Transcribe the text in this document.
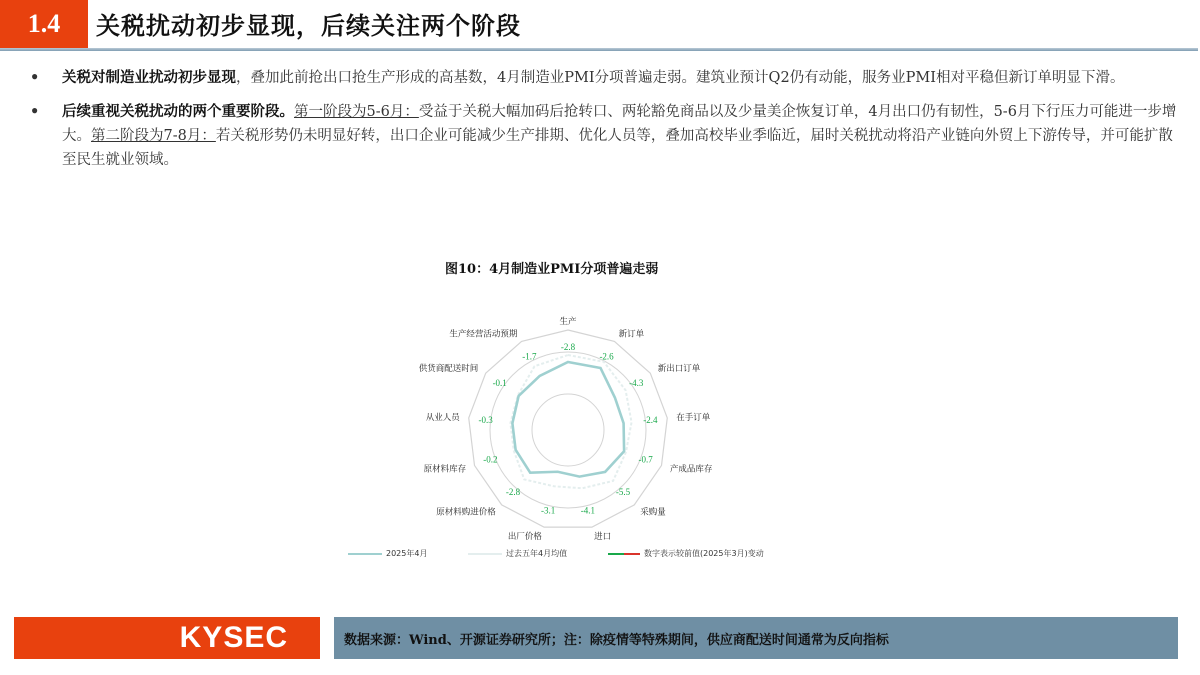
1.4	关税扰动初步显现，后续关注两个阶段
• 关税对制造业扰动初步显现，叠加此前抢出口抢生产形成的高基数，4月制造业PMI分项普遍走弱。建筑业预计Q2仍有动能，服务业PMI相对平稳但新订单明显下滑。
• 后续重视关税扰动的两个重要阶段。第一阶段为5-6月：受益于关税大幅加码后抢转口、两轮豁免商品以及少量美企恢复订单，4月出口仍有韧性，5-6月下行压力可能进一步增大。第二阶段为7-8月：若关税形势仍未明显好转，出口企业可能减少生产排期、优化人员等，叠加高校毕业季临近，届时关税扰动将沿产业链向外贸上下游传导，并可能扩散至民生就业领域。
图10：4月制造业PMI分项普遍走弱
生产
新订单
新出口订单
在手订单
产成品库存
采购量
进口
出厂价格
原材料购进价格
原材料库存
从业人员
供货商配送时间
生产经营活动预期
-2.8
-2.6
-4.3
-2.4
-0.7
-5.5
-4.1
-3.1
-2.8
-0.2
-0.3
-0.1
-1.7
2025年4月	过去五年4月均值	数字表示较前值(2025年3月)变动
KYSEC	数据来源：Wind、开源证券研究所；注：除疫情等特殊期间，供应商配送时间通常为反向指标
